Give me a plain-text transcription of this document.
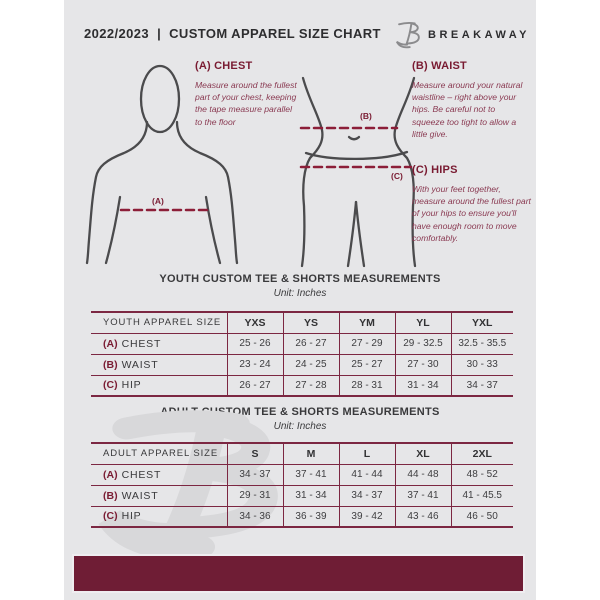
2022/2023  |  CUSTOM APPAREL SIZE CHART	BREAKAWAY
(A)
(B)
(C)
(A) CHEST

Measure around the fullest part of your chest, keeping the tape measure parallel to the floor

(B) WAIST

Measure around your natural waistline – right above your hips. Be careful not to squeeze too tight to allow a little give.

(C) HIPS

With your feet together, measure around the fullest part of your hips to ensure you'll have enough room to move comfortably.

YOUTH CUSTOM TEE & SHORTS MEASUREMENTS
Unit: Inches
YOUTH APPAREL SIZE	YXS	YS	YM	YL	YXL
(A) CHEST	25 - 26	26 - 27	27 - 29	29 - 32.5	32.5 - 35.5
(B) WAIST	23 - 24	24 - 25	25 - 27	27 - 30	30 - 33
(C) HIP	26 - 27	27 - 28	28 - 31	31 - 34	34 - 37
ADULT CUSTOM TEE & SHORTS MEASUREMENTS
Unit: Inches
ADULT APPAREL SIZE	S	M	L	XL	2XL
(A) CHEST	34 - 37	37 - 41	41 - 44	44 - 48	48 - 52
(B) WAIST	29 - 31	31 - 34	34 - 37	37 - 41	41 - 45.5
(C) HIP	34 - 36	36 - 39	39 - 42	43 - 46	46 - 50
